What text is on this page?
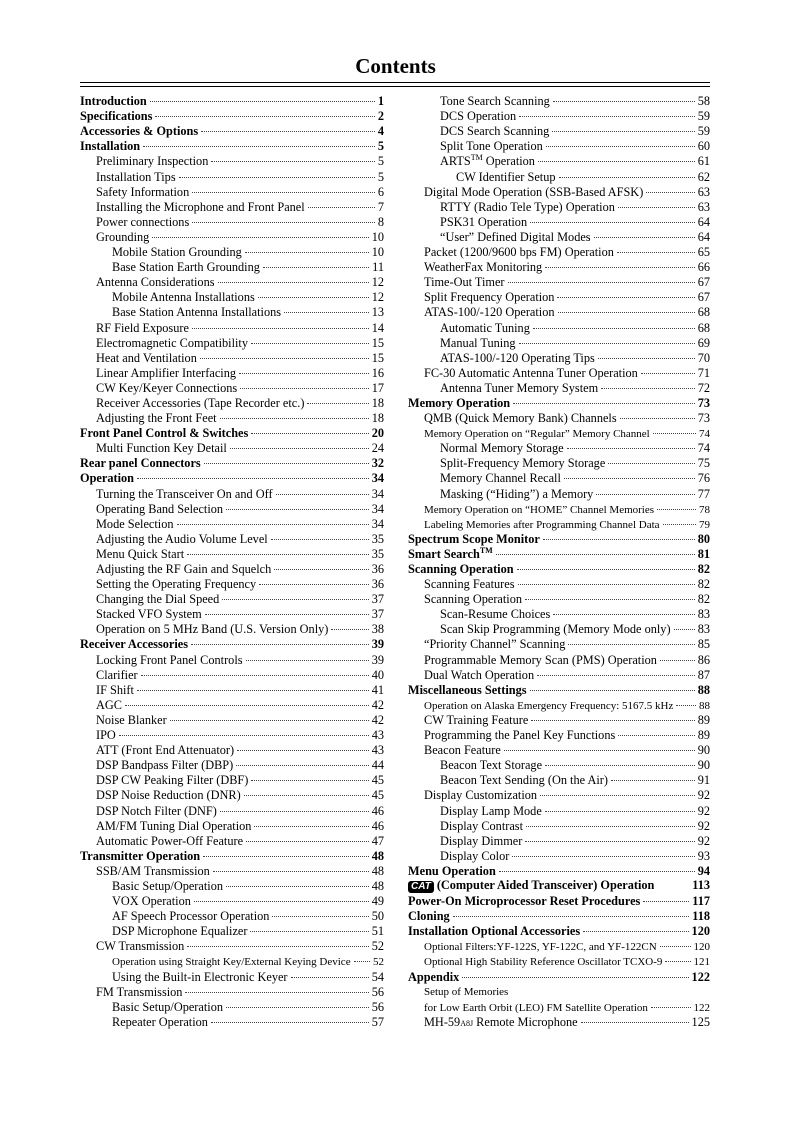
Contents
Introduction	1
Specifications	2
Accessories & Options	4
Installation	5
Preliminary Inspection	5
Installation Tips	5
Safety Information	6
Installing the Microphone and Front Panel	7
Power connections	8
Grounding	10
Mobile Station Grounding	10
Base Station Earth Grounding	11
Antenna Considerations	12
Mobile Antenna Installations	12
Base Station Antenna Installations	13
RF Field Exposure	14
Electromagnetic Compatibility	15
Heat and Ventilation	15
Linear Amplifier Interfacing	16
CW Key/Keyer Connections	17
Receiver Accessories (Tape Recorder etc.)	18
Adjusting the Front Feet	18
Front Panel Control & Switches	20
Multi Function Key Detail	24
Rear panel Connectors	32
Operation	34
Turning the Transceiver On and Off	34
Operating Band Selection	34
Mode Selection	34
Adjusting the Audio Volume Level	35
Menu Quick Start	35
Adjusting the RF Gain and Squelch	36
Setting the Operating Frequency	36
Changing the Dial Speed	37
Stacked VFO System	37
Operation on 5 MHz Band (U.S. Version Only)	38
Receiver Accessories	39
Locking Front Panel Controls	39
Clarifier	40
IF Shift	41
AGC	42
Noise Blanker	42
IPO	43
ATT (Front End Attenuator)	43
DSP Bandpass Filter (DBP)	44
DSP CW Peaking Filter (DBF)	45
DSP Noise Reduction (DNR)	45
DSP Notch Filter (DNF)	46
AM/FM Tuning Dial Operation	46
Automatic Power-Off Feature	47
Transmitter Operation	48
SSB/AM Transmission	48
Basic Setup/Operation	48
VOX Operation	49
AF Speech Processor Operation	50
DSP Microphone Equalizer	51
CW Transmission	52
Operation using Straight Key/External Keying Device 52
Using the Built-in Electronic Keyer	54
FM Transmission	56
Basic Setup/Operation	56
Repeater Operation	57
Tone Search Scanning	58
DCS Operation	59
DCS Search Scanning	59
Split Tone Operation	60
ARTS™ Operation	61
CW Identifier Setup	62
Digital Mode Operation (SSB-Based AFSK)	63
RTTY (Radio Tele Type) Operation	63
PSK31 Operation	64
“User” Defined Digital Modes	64
Packet (1200/9600 bps FM) Operation	65
WeatherFax Monitoring	66
Time-Out Timer	67
Split Frequency Operation	67
ATAS-100/-120 Operation	68
Automatic Tuning	68
Manual Tuning	69
ATAS-100/-120 Operating Tips	70
FC-30 Automatic Antenna Tuner Operation	71
Antenna Tuner Memory System	72
Memory Operation	73
QMB (Quick Memory Bank) Channels	73
Memory Operation on “Regular” Memory Channel	74
Normal Memory Storage	74
Split-Frequency Memory Storage	75
Memory Channel Recall	76
Masking (“Hiding”) a Memory	77
Memory Operation on “HOME” Channel Memories	78
Labeling Memories after Programming Channel Data	79
Spectrum Scope Monitor	80
Smart Search™	81
Scanning Operation	82
Scanning Features	82
Scanning Operation	82
Scan-Resume Choices	83
Scan Skip Programming (Memory Mode only) 83
“Priority Channel” Scanning	85
Programmable Memory Scan (PMS) Operation	86
Dual Watch Operation	87
Miscellaneous Settings	88
Operation on Alaska Emergency Frequency: 5167.5 kHz 88
CW Training Feature	89
Programming the Panel Key Functions	89
Beacon Feature	90
Beacon Text Storage	90
Beacon Text Sending (On the Air)	91
Display Customization	92
Display Lamp Mode	92
Display Contrast	92
Display Dimmer	92
Display Color	93
Menu Operation	94
CAT (Computer Aided Transceiver) Operation	113
Power-On Microprocessor Reset Procedures	117
Cloning	118
Installation Optional Accessories	120
Optional Filters:YF-122S, YF-122C, and YF-122CN	120
Optional High Stability Reference Oscillator TCXO-9	121
Appendix	122
Setup of Memories
for Low Earth Orbit (LEO) FM Satellite Operation	122
MH-59A8J Remote Microphone	125
